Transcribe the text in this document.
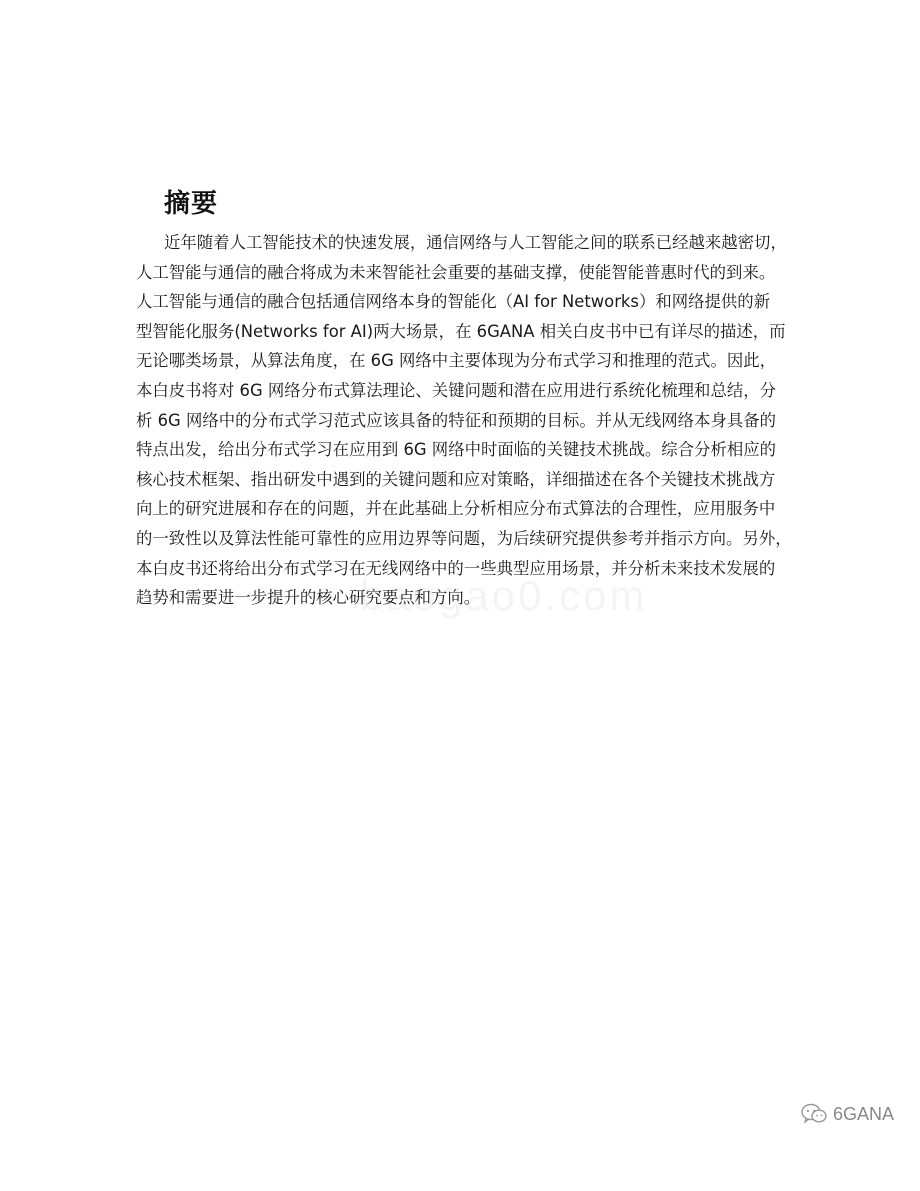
摘要
近年随着人工智能技术的快速发展，通信网络与人工智能之间的联系已经越来越密切，
人工智能与通信的融合将成为未来智能社会重要的基础支撑，使能智能普惠时代的到来。
人工智能与通信的融合包括通信网络本身的智能化（AI for Networks）和网络提供的新
型智能化服务(Networks for AI)两大场景，在 6GANA 相关白皮书中已有详尽的描述，而
无论哪类场景，从算法角度，在 6G 网络中主要体现为分布式学习和推理的范式。因此，
本白皮书将对 6G 网络分布式算法理论、关键问题和潜在应用进行系统化梳理和总结，分
析 6G 网络中的分布式学习范式应该具备的特征和预期的目标。并从无线网络本身具备的
特点出发，给出分布式学习在应用到 6G 网络中时面临的关键技术挑战。综合分析相应的
核心技术框架、指出研发中遇到的关键问题和应对策略，详细描述在各个关键技术挑战方
向上的研究进展和存在的问题，并在此基础上分析相应分布式算法的合理性，应用服务中
的一致性以及算法性能可靠性的应用边界等问题，为后续研究提供参考并指示方向。另外，
本白皮书还将给出分布式学习在无线网络中的一些典型应用场景，并分析未来技术发展的
趋势和需要进一步提升的核心研究要点和方向。
6GANA
